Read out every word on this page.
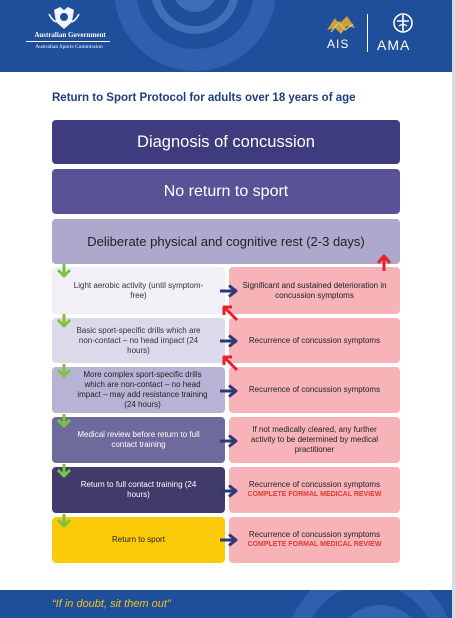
Australian Government
Australian Sports Commission	AIS AMA
Return to Sport Protocol for adults over 18 years of age
Diagnosis of concussion
No return to sport
Deliberate physical and cognitive rest (2-3 days)
Light aerobic activity (until symptom-free)
Basic sport-specific drills which are non-contact – no head impact (24 hours)
More complex sport-specific drills which are non-contact – no head impact – may add resistance training (24 hours)
Medical review before return to full contact training
Return to full contact training (24 hours)
Return to sport
Significant and sustained deterioration in concussion symptoms
Recurrence of concussion symptoms
Recurrence of concussion symptoms
If not medically cleared, any further activity to be determined by medical practitioner
Recurrence of concussion symptoms
COMPLETE FORMAL MEDICAL REVIEW
Recurrence of concussion symptoms
COMPLETE FORMAL MEDICAL REVIEW
“If in doubt, sit them out”
